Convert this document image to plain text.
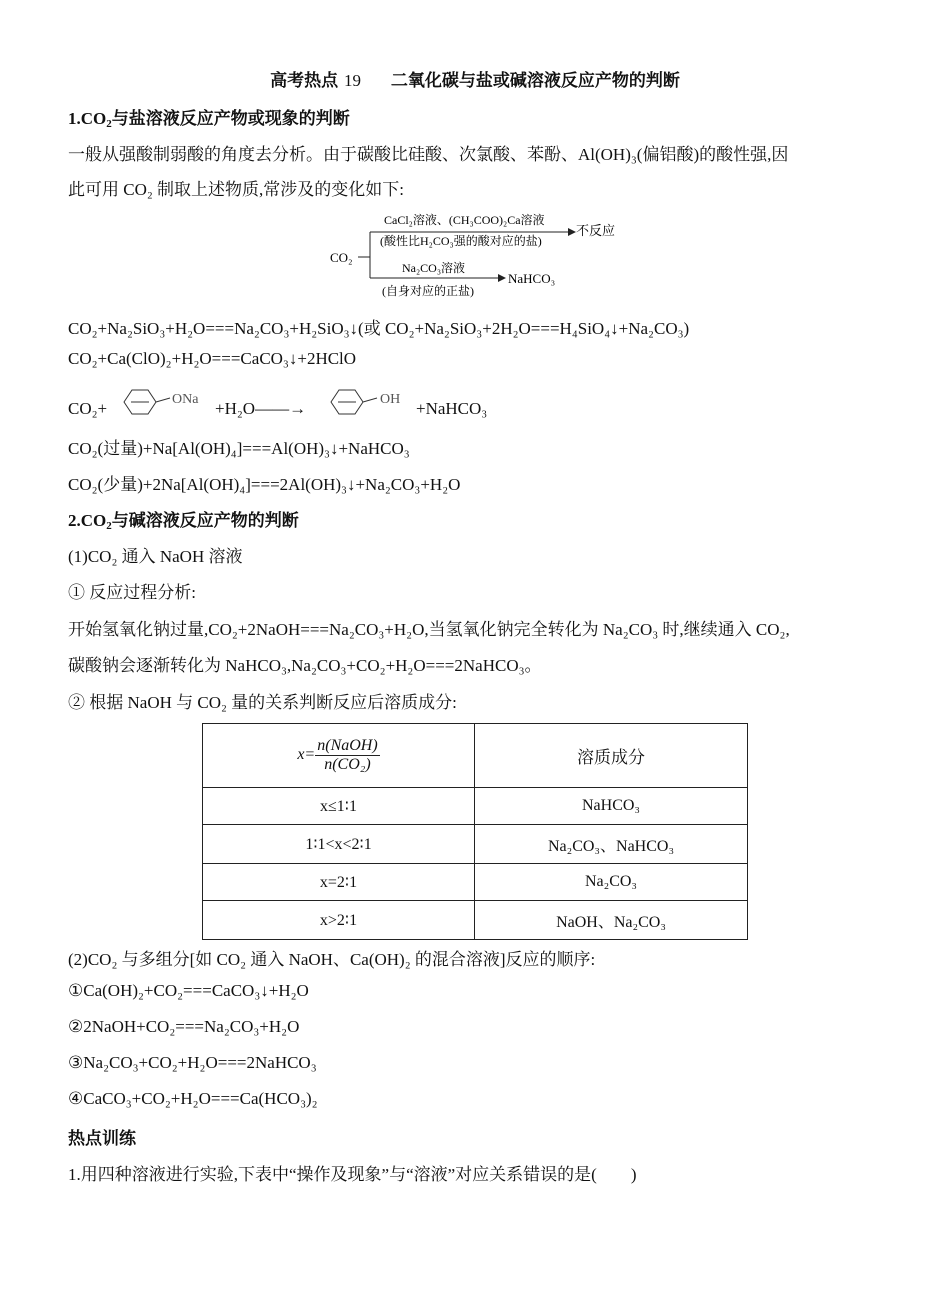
高考热点 19 二氧化碳与盐或碱溶液反应产物的判断
$1.CO_2$与盐溶液反应产物或现象的判断
一般从强酸制弱酸的角度去分析。由于碳酸比硅酸、次氯酸、苯酚、Al(OH)₃(偏铝酸)的酸性强,因
此可用 CO₂ 制取上述物质,常涉及的变化如下:
CO₂
CaCl₂溶液、(CH₃COO)₂Ca溶液
(酸性比H₂CO₃强的酸对应的盐)
不反应
Na₂CO₃溶液
(自身对应的正盐)
NaHCO₃
CO₂+Na₂SiO₃+H₂O===Na₂CO₃+H₂SiO₃↓(或 CO₂+Na₂SiO₃+2H₂O===H₄SiO₄↓+Na₂CO₃)
CO₂+Ca(ClO)₂+H₂O===CaCO₃↓+2HClO
CO₂+	ONa +H₂O——→	OH +NaHCO₃
CO₂(过量)+Na[Al(OH)₄]===Al(OH)₃↓+NaHCO₃
CO₂(少量)+2Na[Al(OH)₄]===2Al(OH)₃↓+Na₂CO₃+H₂O
$2.CO_2$与碱溶液反应产物的判断
(1)CO₂ 通入 NaOH 溶液
① 反应过程分析:
开始氢氧化钠过量,CO₂+2NaOH===Na₂CO₃+H₂O,当氢氧化钠完全转化为 Na₂CO₃ 时,继续通入 CO₂,
碳酸钠会逐渐转化为 NaHCO₃,Na₂CO₃+CO₂+H₂O===2NaHCO₃。
② 根据 NaOH 与 CO₂ 量的关系判断反应后溶质成分:
$x= \frac{\text{n(NaOH)}}{\text{n(CO₂)}}$	溶质成分
x≤1∶1	NaHCO₃
1∶1<x<2∶1	Na₂CO₃、NaHCO₃
x=2∶1	Na₂CO₃
x>2∶1	NaOH、Na₂CO₃
(2)CO₂ 与多组分[如 CO₂ 通入 NaOH、Ca(OH)₂ 的混合溶液]反应的顺序:
①Ca(OH)₂+CO₂===CaCO₃↓+H₂O
②2NaOH+CO₂===Na₂CO₃+H₂O
③Na₂CO₃+CO₂+H₂O===2NaHCO₃
④CaCO₃+CO₂+H₂O===Ca(HCO₃)₂
热点训练
1.用四种溶液进行实验,下表中“操作及现象”与“溶液”对应关系错误的是(　　)
